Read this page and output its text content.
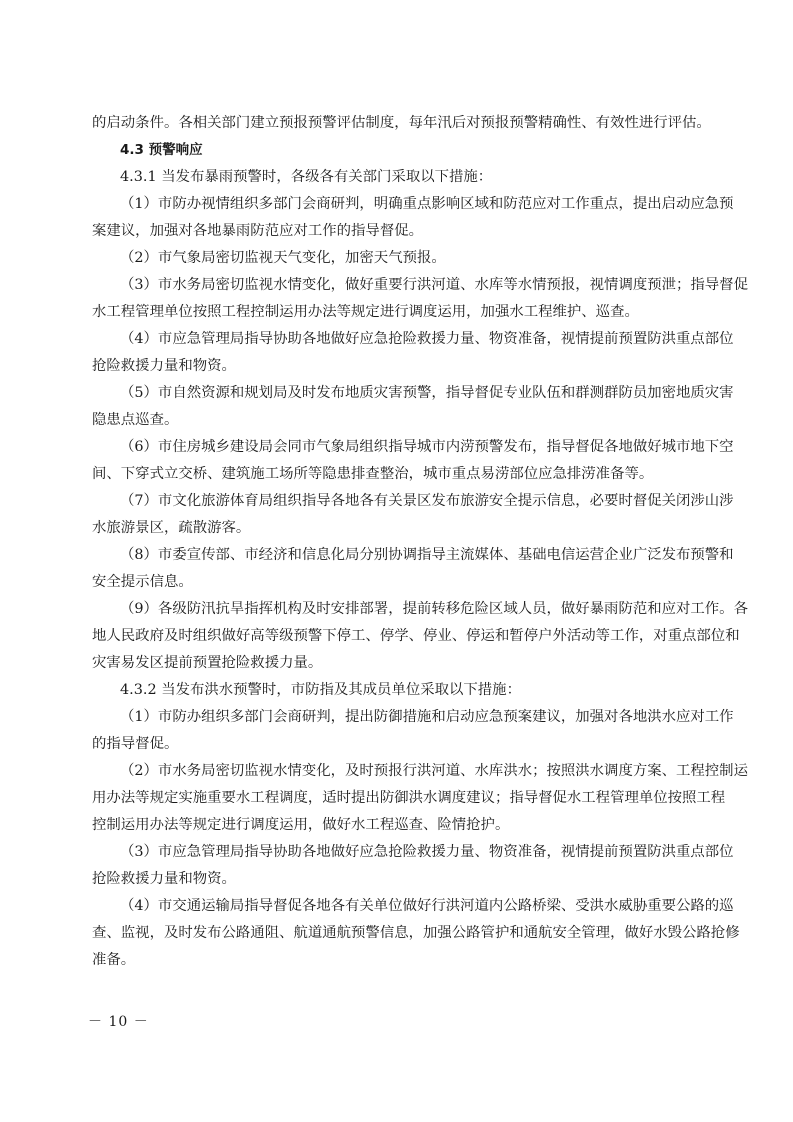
的启动条件。各相关部门建立预报预警评估制度，每年汛后对预报预警精确性、有效性进行评估。

4.3 预警响应

4.3.1 当发布暴雨预警时，各级各有关部门采取以下措施：

（1）市防办视情组织多部门会商研判，明确重点影响区域和防范应对工作重点，提出启动应急预

案建议，加强对各地暴雨防范应对工作的指导督促。

（2）市气象局密切监视天气变化，加密天气预报。

（3）市水务局密切监视水情变化，做好重要行洪河道、水库等水情预报，视情调度预泄；指导督促

水工程管理单位按照工程控制运用办法等规定进行调度运用，加强水工程维护、巡查。

（4）市应急管理局指导协助各地做好应急抢险救援力量、物资准备，视情提前预置防洪重点部位

抢险救援力量和物资。

（5）市自然资源和规划局及时发布地质灾害预警，指导督促专业队伍和群测群防员加密地质灾害

隐患点巡查。

（6）市住房城乡建设局会同市气象局组织指导城市内涝预警发布，指导督促各地做好城市地下空

间、下穿式立交桥、建筑施工场所等隐患排查整治，城市重点易涝部位应急排涝准备等。

（7）市文化旅游体育局组织指导各地各有关景区发布旅游安全提示信息，必要时督促关闭涉山涉

水旅游景区，疏散游客。

（8）市委宣传部、市经济和信息化局分别协调指导主流媒体、基础电信运营企业广泛发布预警和

安全提示信息。

（9）各级防汛抗旱指挥机构及时安排部署，提前转移危险区域人员，做好暴雨防范和应对工作。各

地人民政府及时组织做好高等级预警下停工、停学、停业、停运和暂停户外活动等工作，对重点部位和

灾害易发区提前预置抢险救援力量。

4.3.2 当发布洪水预警时，市防指及其成员单位采取以下措施：

（1）市防办组织多部门会商研判，提出防御措施和启动应急预案建议，加强对各地洪水应对工作

的指导督促。

（2）市水务局密切监视水情变化，及时预报行洪河道、水库洪水；按照洪水调度方案、工程控制运

用办法等规定实施重要水工程调度，适时提出防御洪水调度建议；指导督促水工程管理单位按照工程

控制运用办法等规定进行调度运用，做好水工程巡查、险情抢护。

（3）市应急管理局指导协助各地做好应急抢险救援力量、物资准备，视情提前预置防洪重点部位

抢险救援力量和物资。

（4）市交通运输局指导督促各地各有关单位做好行洪河道内公路桥梁、受洪水威胁重要公路的巡

查、监视，及时发布公路通阻、航道通航预警信息，加强公路管护和通航安全管理，做好水毁公路抢修

准备。

－ 10 －
